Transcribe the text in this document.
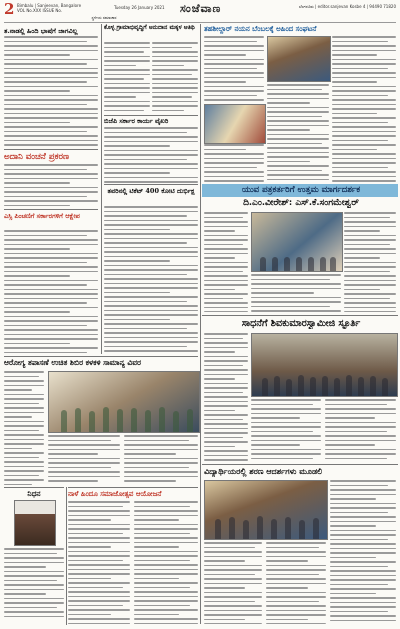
2 Bimbalu | Sanjeevan, Bangalore
VOL No.XXX ISSUE No.
Tuesday 26 January 2021 ಸಂಜೆವಾಣ	ಬೆಂಗಳೂರು | editor.sanjevan Kosbe 4 | 94490 71820
ಸ್ಥಳೀಯ ಸಮಾಚಾರ
ತ.ನಾಡಲ್ಲಿ ಹಿಂದಿ ಭಾಷೆಗೆ ಜಾಗವಿಲ್ಲ
ಅದಾನಿ ವಂಚನೆ ಪ್ರಕರಣ
ಎಸ್ಸಿ ಪಿಂಚಣಿಗೆ ಸರ್ಕಾರಗಳಿಗೆ ಆಕ್ಷೇಪ
ಕೊಳ್ಳ ಗ್ರಾಮಾಭಿವೃದ್ಧಿಗೆ ಅನುದಾನ ಮಕ್ಕಳ ಆತಿಥಿ
ಬಿಜೆಪಿ ಸರ್ಕಾರ ಕಾರ್ಯ ವೈಖರಿ
ತವರಿನಲ್ಲಿ ಟಿಕೆಟ್ 400 ಕೋಟಿ ದುರ್ಭಿಕ್ಷ
ತಹಶೀಲ್ದಾರ್ ನಯನ ಬೆಂಬಲಕ್ಕೆ ಅಹಿಂದ ಸಂಘಟನೆ
ಯುವ ಪತ್ರಕರ್ತರಿಗೆ ಉತ್ತಮ ಮಾರ್ಗದರ್ಶಕ
ದಿ.ಎಂ.ವೀರೇಶ್: ಎಸ್.ಕೆ.ಸಂಗಮೇಶ್ವರ್
ಸಾಧನೆಗೆ ಶಿವಕುಮಾರಸ್ವಾಮೀಜಿ ಸ್ಫೂರ್ತಿ
ಆರೋಗ್ಯ ತಪಾಸಣೆ ಉಚಿತ ಶಿಬಿರ ಕಳಕಳಿ ಸಾಮಾನ್ಯ ವಿವರ
ನಿಧನ	ನಾಳೆ ಹಿಂದೂ ಸಮಾಜೋತ್ಸವ ಆಯೋಜನೆ
ವಿದ್ಯಾರ್ಥಿಯರಲ್ಲಿ ಶರಣ ಆದರ್ಶಗಳು ಮೂಡಲಿ
